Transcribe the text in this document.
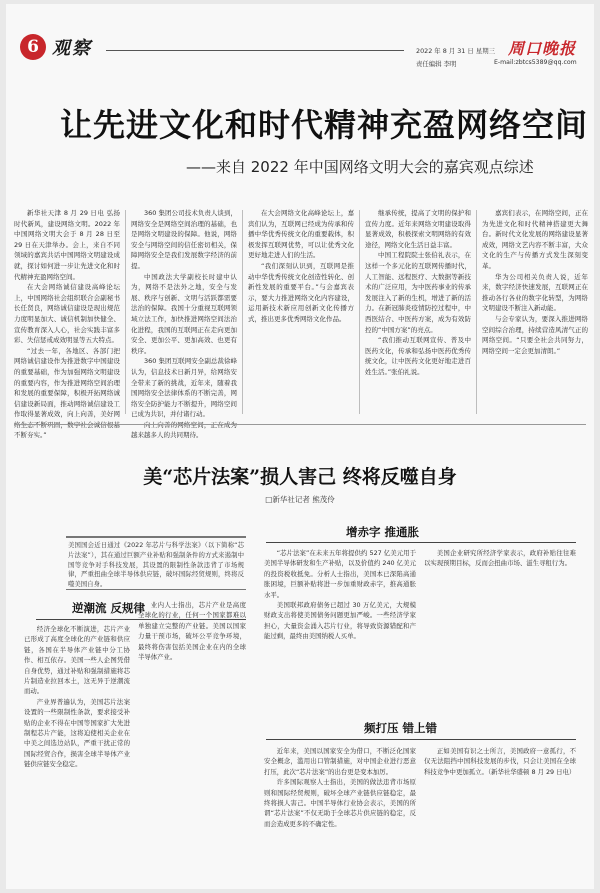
6 观察	周口晚报
2022 年 8 月 31 日 星期三
责任编辑 李明	E-mail:zbtcs5389@qq.com
让先进文化和时代精神充盈网络空间
——来自 2022 年中国网络文明大会的嘉宾观点综述

新华社天津 8 月 29 日电 弘扬时代新风，建设网络文明。2022 年中国网络文明大会于 8 月 28 日至 29 日在天津举办。会上，来自不同领域的嘉宾共话中国网络文明建设成就，探讨如何进一步让先进文化和时代精神充盈网络空间。

在大会网络诚信建设高峰论坛上，中国网络社会组织联合会副秘书长任贤良，网络诚信建设是现出规范力度明显加大、诚信机制加快健全、宣传教育深入人心，社会实践丰富多彩、失信惩戒成效明显等五大特点。

“过去一年，各地区、各部门把网络诚信建设作为推进数字中国建设的重要基础，作为加强网络文明建设的重要内容，作为推进网络空间治理和发展的重要保障，积极开拓网络诚信建设新局面，推动网络诚信建设工作取得显著成效，向上向善，美好网络生态不断巩固，数字社会诚信根基不断夯实。”

360 集团公司技术负责人谈到，网络安全是网络空间治理的基础，也是网络文明建设的保障。他说，网络安全与网络空间的信任密切相关，保障网络安全是我们发展数字经济的前提。

中国政法大学副校长时建中认为，网络不是法外之地，安全与发展、秩序与创新、文明与活跃都需要法治的保障。我国十分重视互联网领域立法工作，加快推进网络空间法治化进程，我国的互联网正在走向更加安全、更加公平、更加高效、也更有秩序。

360 集团互联网安全副总裁徐峰认为，信息技术日新月异，给网络安全带来了新的挑战，近年来，随着我国网络安全法律体系的不断完善，网络安全防护能力不断提升，网络空间已成为共识，并付诸行动。

向上向善的网络空间，正在成为越来越多人的共同期待。

在大会网络文化高峰论坛上，嘉宾们认为，互联网已经成为传承和传播中华优秀传统文化的重要载体，积极发挥互联网优势，可以让优秀文化更好地走进人们的生活。

“我们深刻认识到，互联网是推动中华优秀传统文化创造性转化、创新性发展的重要平台。”与会嘉宾表示，要大力推进网络文化内容建设，运用新技术新应用创新文化传播方式，推出更多优秀网络文化作品。

继承传统，提高了文明的保护和宣传力度。近年来网络文明建设取得显著成效，积极探索文明网络的有效途径，网络文化生活日益丰富。

中国工程院院士张伯礼表示，在这样一个多元化的互联网传播时代，人工智能、远程医疗、大数据等新技术的广泛应用，为中医药事业的传承发展注入了新的生机，增进了新的活力。在新冠肺炎疫情防控过程中，中西医结合、中医药方案，成为有效防控的“中国方案”的亮点。

“我们推动互联网宣传、普及中医药文化，传承和弘扬中医药优秀传统文化，让中医药文化更好地走进百姓生活。”张伯礼说。

嘉宾们表示，在网络空间，正在为先进文化和时代精神搭建更大舞台。新时代文化发展的网络建设显著成效，网络文艺内容不断丰富，大众文化的生产与传播方式发生深刻变革。

华为公司相关负责人说，近年来，数字经济快速发展，互联网正在推动各行各业的数字化转型，为网络文明建设不断注入新动能。

与会专家认为，要深入推进网络空间综合治理，持续营造风清气正的网络空间。“只要全社会共同努力，网络空间一定会更加清朗。”

美“芯片法案”损人害己 终将反噬自身
□新华社记者 熊茂伶
美国国会近日通过《2022 年芯片与科学法案》（以下简称“芯片法案”），其在通过巨额产业补贴和强制条件的方式来遏制中国等竞争对手科技发展，其设置的限制性条款违背了市场规律，严重扭曲全球半导体供应链，破坏国际经贸规则，终将反噬美国自身。
逆潮流 反规律

经济全球化不断演进，芯片产业已形成了高度全球化的产业链和供应链，各国在半导体产业链中分工协作、相互依存。美国一些人企图凭借自身优势，通过补贴和强制措施将芯片制造业拉回本土，这无异于逆潮流而动。

产业界普遍认为，美国芯片法案设置的一些限制性条款，要求接受补贴的企业不得在中国等国家扩大先进制程芯片产能，这将迫使相关企业在中美之间选边站队，严重干扰正常的国际经贸合作，损害全球半导体产业链供应链安全稳定。

业内人士指出，芯片产业是高度全球化的行业，任何一个国家都难以单独建立完整的产业链。美国以国家力量干预市场，破坏公平竞争环境，最终将伤害包括美国企业在内的全球半导体产业。

增赤字 推通胀

“芯片法案”在未来五年将提供约 527 亿美元用于美国半导体研发和生产补贴，以及价值约 240 亿美元的投资税收抵免。分析人士指出，美国本已深陷高通胀困境，巨额补贴将进一步加重财政赤字，推高通胀水平。

美国联邦政府债务已超过 30 万亿美元，大规模财政支出将使美国债务问题更加严峻。一些经济学家担心，大量资金涌入芯片行业，将导致资源错配和产能过剩，最终由美国纳税人买单。

美国企业研究所经济学家表示，政府补贴往往难以实现预期目标，反而会扭曲市场、滋生寻租行为。

频打压 错上错

近年来，美国以国家安全为借口，不断泛化国家安全概念，滥用出口管制措施，对中国企业进行恶意打压，此次“芯片法案”的出台更是变本加厉。

许多国际观察人士指出，美国的做法违背市场原则和国际经贸规则，破坏全球产业链供应链稳定，最终将损人害己。中国半导体行业协会表示，美国的所谓“芯片法案”不仅无助于全球芯片供应链的稳定，反而会造成更多的不确定性。

正如美国有识之士所言，美国政府一意孤行，不仅无法阻挡中国科技发展的步伐，只会让美国在全球科技竞争中更加孤立。（新华社华盛顿 8 月 29 日电）
